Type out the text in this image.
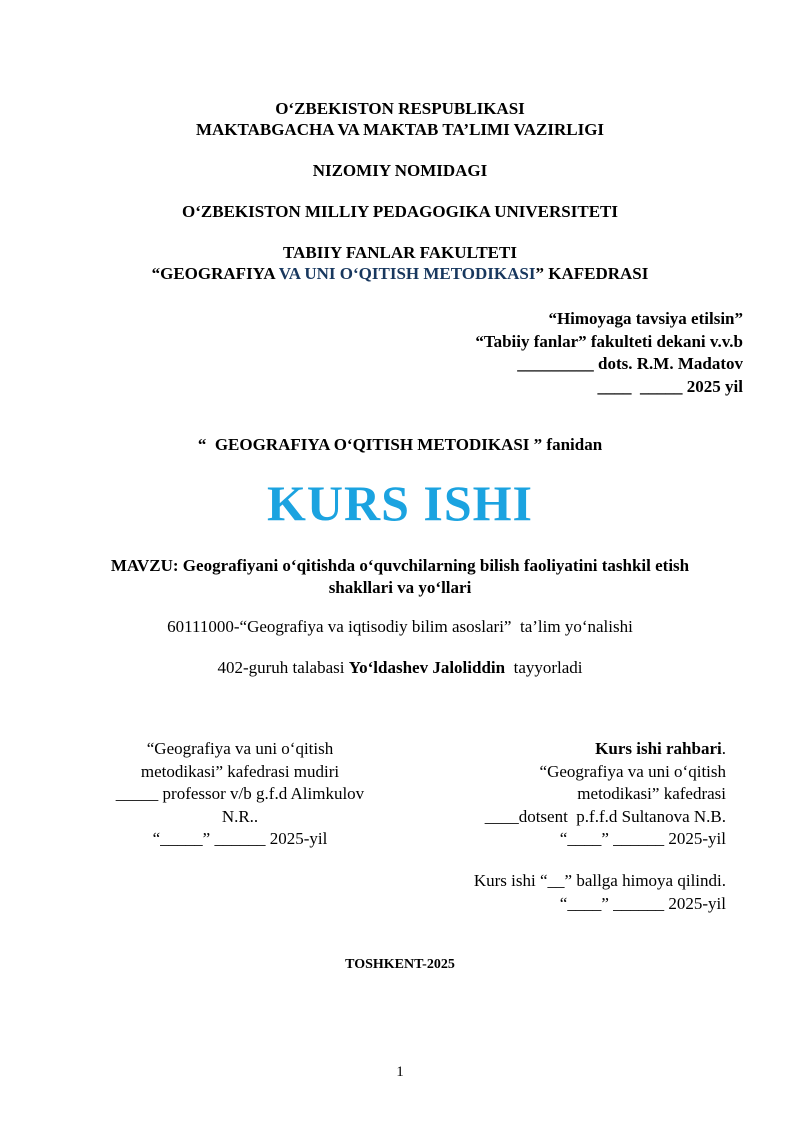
O‘ZBEKISTON RESPUBLIKASI
MAKTABGACHA VA MAKTAB TA’LIMI VAZIRLIGI
NIZOMIY NOMIDAGI
O‘ZBEKISTON MILLIY PEDAGOGIKA UNIVERSITETI
TABIIY FANLAR FAKULTETI
“GEOGRAFIYA VA UNI O‘QITISH METODIKASI” KAFEDRASI
“Himoyaga tavsiya etilsin”
“Tabiiy fanlar” fakulteti dekani v.v.b
_________ dots. R.M. Madatov
____  _____ 2025 yil
“  GEOGRAFIYA O‘QITISH METODIKASI ” fanidan
KURS ISHI
MAVZU: Geografiyani o‘qitishda o‘quvchilarning bilish faoliyatini tashkil etish
shakllari va yo‘llari
60111000-“Geografiya va iqtisodiy bilim asoslari”  ta’lim yo‘nalishi
402-guruh talabasi Yo‘ldashev Jaloliddin  tayyorladi
“Geografiya va uni o‘qitish
metodikasi” kafedrasi mudiri
_____ professor v/b g.f.d Alimkulov
N.R..
“_____” ______ 2025-yil
Kurs ishi rahbari.
“Geografiya va uni o‘qitish
metodikasi” kafedrasi
____dotsent  p.f.f.d Sultanova N.B.
“____” ______ 2025-yil
Kurs ishi “__” ballga himoya qilindi.
“____” ______ 2025-yil
TOSHKENT-2025
1
